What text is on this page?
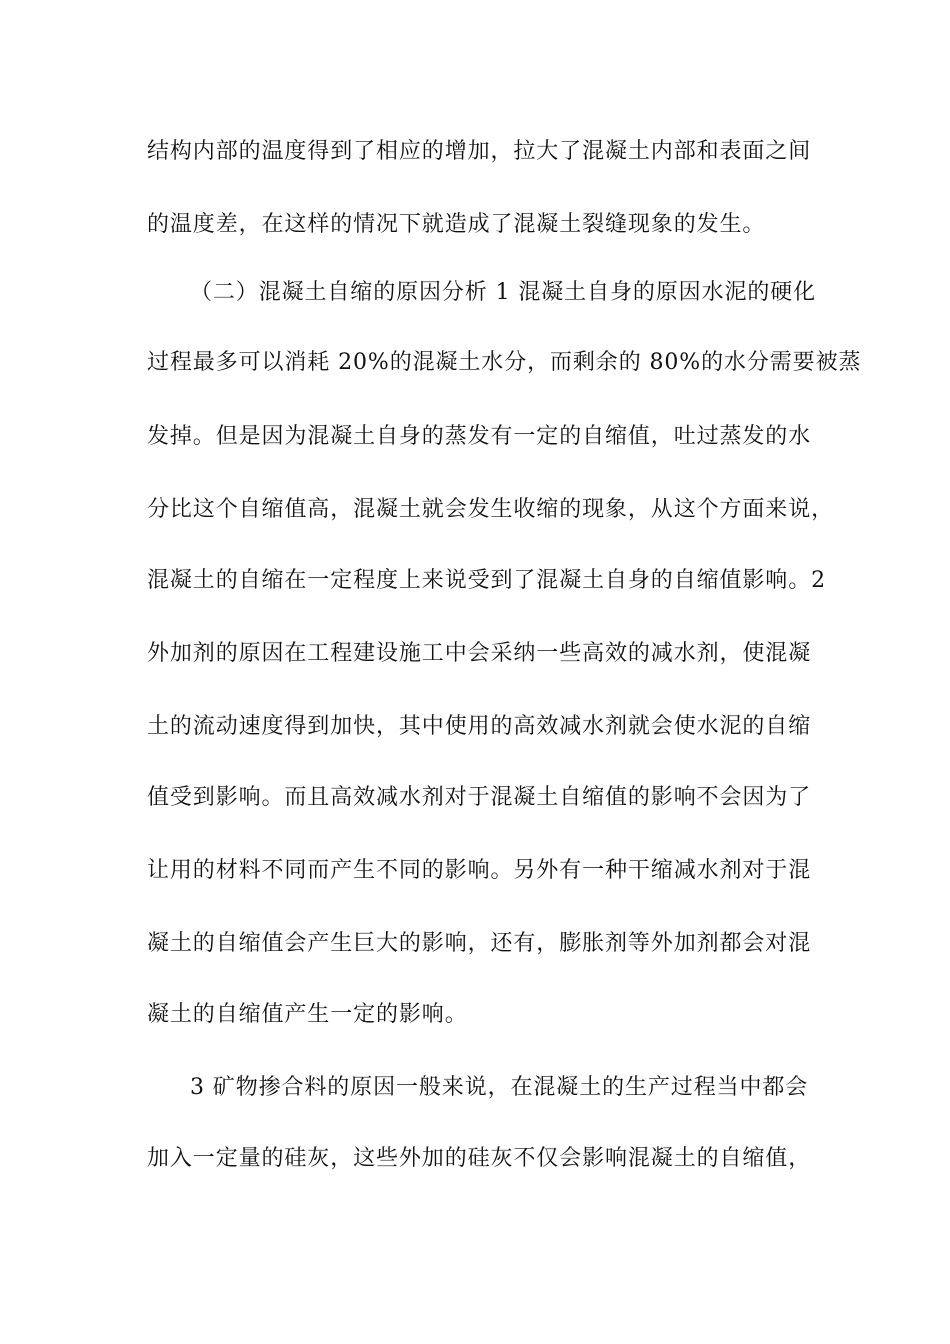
结构内部的温度得到了相应的增加，拉大了混凝土内部和表面之间
的温度差，在这样的情况下就造成了混凝土裂缝现象的发生。
（二）混凝土自缩的原因分析 1 混凝土自身的原因水泥的硬化
过程最多可以消耗 20%的混凝土水分，而剩余的 80%的水分需要被蒸
发掉。但是因为混凝土自身的蒸发有一定的自缩值，吐过蒸发的水
分比这个自缩值高，混凝土就会发生收缩的现象，从这个方面来说，
混凝土的自缩在一定程度上来说受到了混凝土自身的自缩值影响。2
外加剂的原因在工程建设施工中会采纳一些高效的减水剂，使混凝
土的流动速度得到加快，其中使用的高效减水剂就会使水泥的自缩
值受到影响。而且高效减水剂对于混凝土自缩值的影响不会因为了
让用的材料不同而产生不同的影响。另外有一种干缩减水剂对于混
凝土的自缩值会产生巨大的影响，还有，膨胀剂等外加剂都会对混
凝土的自缩值产生一定的影响。
3 矿物掺合料的原因一般来说，在混凝土的生产过程当中都会
加入一定量的硅灰，这些外加的硅灰不仅会影响混凝土的自缩值，
